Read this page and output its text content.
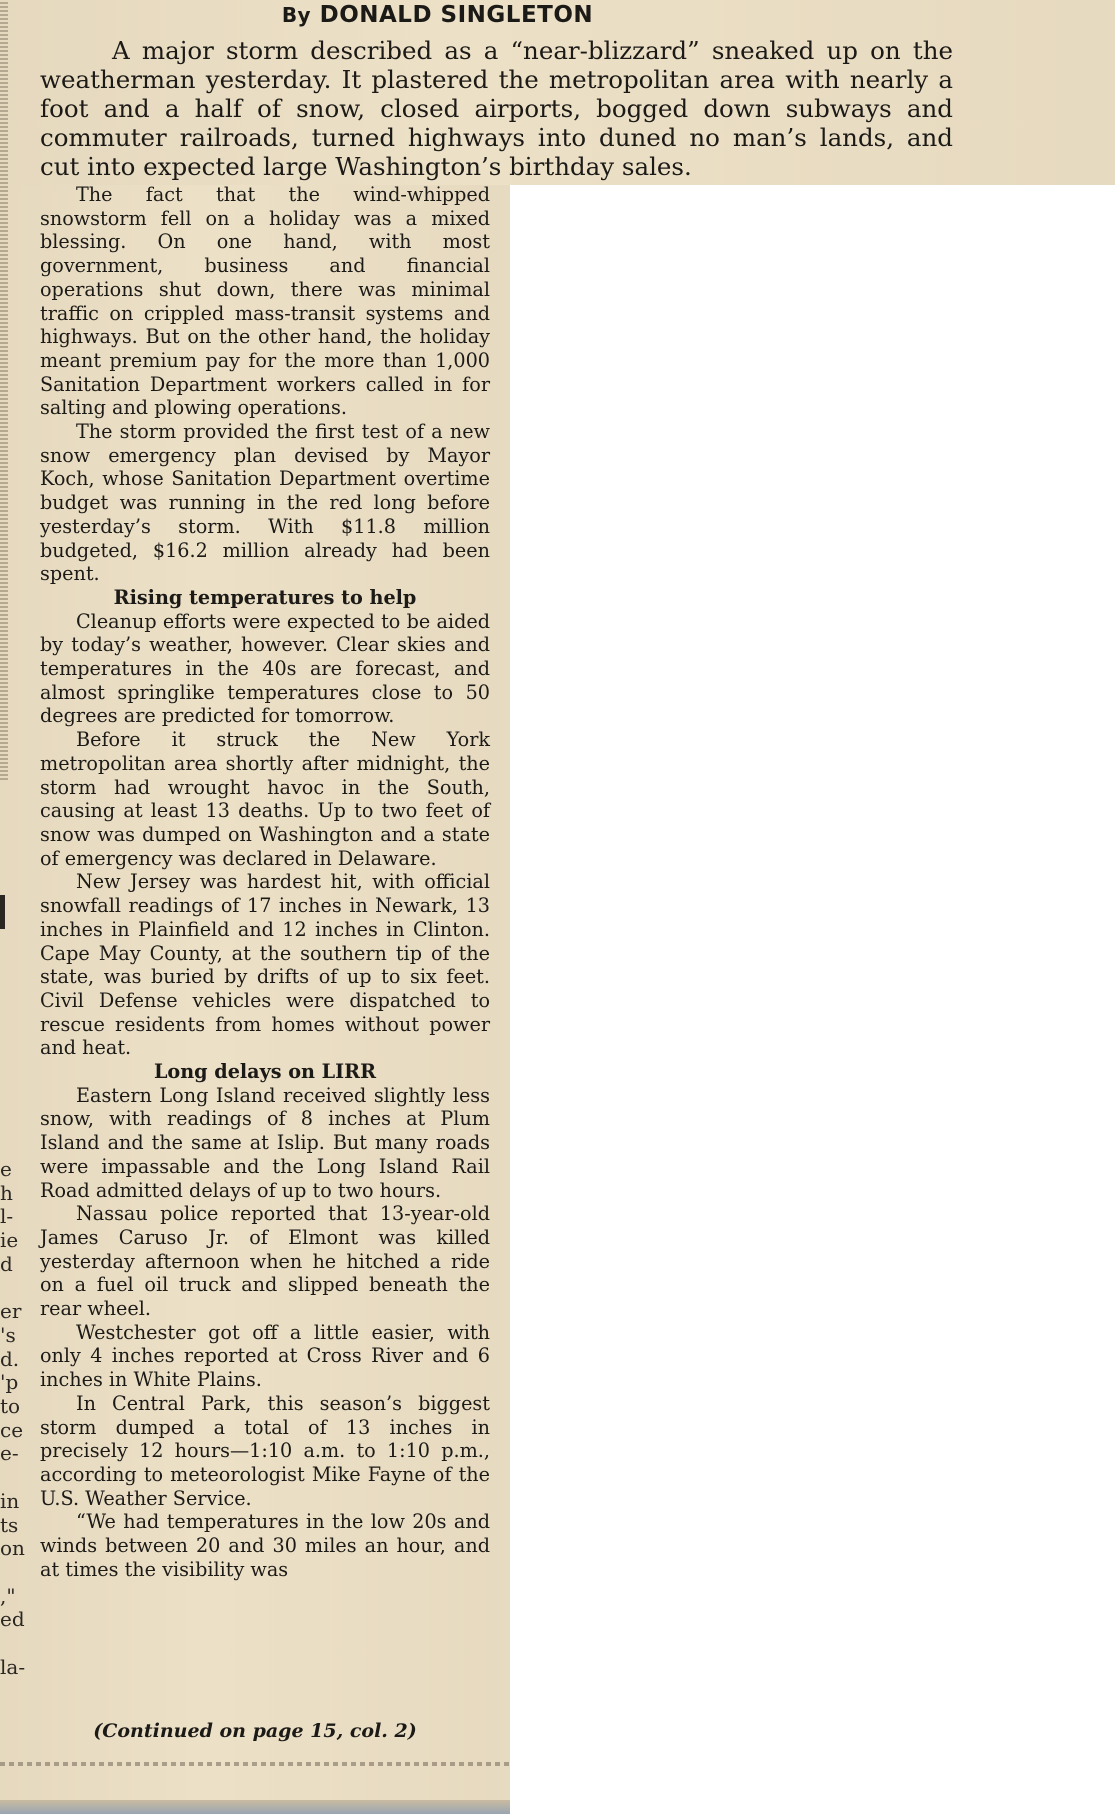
e
h
l-
ie
d

er
's
d.
'p
to
ce
e-

in
ts
on

,"
ed

la-
By DONALD SINGLETON

A major storm described as a “near-blizzard” sneaked up on the weatherman yesterday. It plastered the metropolitan area with nearly a foot and a half of snow, closed airports, bogged down subways and commuter railroads, turned highways into duned no man’s lands, and cut into expected large Washington’s birthday sales.

The fact that the wind-whipped snowstorm fell on a holiday was a mixed blessing. On one hand, with most government, business and financial operations shut down, there was minimal traffic on crippled mass-transit systems and highways. But on the other hand, the holiday meant premium pay for the more than 1,000 Sanitation Department workers called in for salting and plowing operations.

The storm provided the first test of a new snow emergency plan devised by Mayor Koch, whose Sanitation Department overtime budget was running in the red long before yesterday’s storm. With $11.8 million budgeted, $16.2 million already had been spent.

Rising temperatures to help

Cleanup efforts were expected to be aided by today’s weather, however. Clear skies and temperatures in the 40s are forecast, and almost springlike temperatures close to 50 degrees are predicted for tomorrow.

Before it struck the New York metropolitan area shortly after midnight, the storm had wrought havoc in the South, causing at least 13 deaths. Up to two feet of snow was dumped on Washington and a state of emergency was declared in Delaware.

New Jersey was hardest hit, with official snowfall readings of 17 inches in Newark, 13 inches in Plainfield and 12 inches in Clinton. Cape May County, at the southern tip of the state, was buried by drifts of up to six feet. Civil Defense vehicles were dispatched to rescue residents from homes without power and heat.

Long delays on LIRR

Eastern Long Island received slightly less snow, with readings of 8 inches at Plum Island and the same at Islip. But many roads were impassable and the Long Island Rail Road admitted delays of up to two hours.

Nassau police reported that 13-year-old James Caruso Jr. of Elmont was killed yesterday afternoon when he hitched a ride on a fuel oil truck and slipped beneath the rear wheel.

Westchester got off a little easier, with only 4 inches reported at Cross River and 6 inches in White Plains.

In Central Park, this season’s biggest storm dumped a total of 13 inches in precisely 12 hours—1:10 a.m. to 1:10 p.m., according to meteorologist Mike Fayne of the U.S. Weather Service.

“We had temperatures in the low 20s and winds between 20 and 30 miles an hour, and at times the visibility was

(Continued on page 15, col. 2)
